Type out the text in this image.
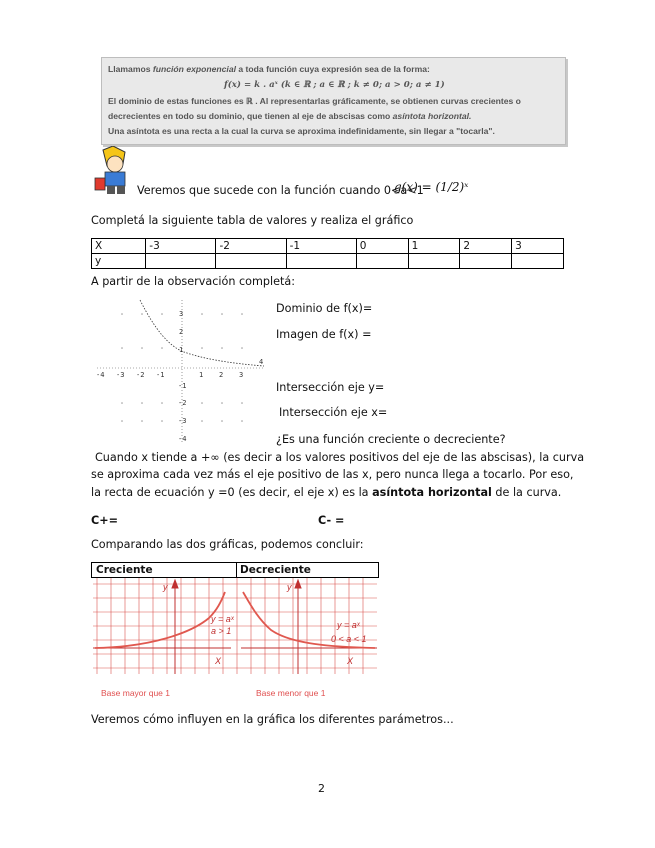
Llamamos función exponencial a toda función cuya expresión sea de la forma:

f(x) = k . aˣ (k ∈ ℝ ; a ∈ ℝ ; k ≠ 0; a > 0; a ≠ 1)

El dominio de estas funciones es ℝ . Al representarlas gráficamente, se obtienen curvas crecientes o

decrecientes en todo su dominio, que tienen al eje de abscisas como asíntota horizontal.

Una asíntota es una recta a la cual la curva se aproxima indefinidamente, sin llegar a "tocarla".

Veremos que sucede con la función cuando 0<a<1
g(x) = (1/2)ˣ
Completá la siguiente tabla de valores y realiza el gráfico
X	-3	-2	-1	0	1	2	3
y							
A partir de la observación completá:
-4 -3 -2 -1	1 2 3
4
3
2
1
-1
-2
-3
-4
Dominio de f(x)=
Imagen de f(x) =
Intersección eje y=
Intersección eje x=
¿Es una función creciente o decreciente?
Cuando x tiende a +∞ (es decir a los valores positivos del eje de las abscisas), la curva
se aproxima cada vez más el eje positivo de las x, pero nunca llega a tocarlo. Por eso,
la recta de ecuación y =0 (es decir, el eje x) es la asíntota horizontal de la curva.
C+=	C- =
Comparando las dos gráficas, podemos concluir:
Creciente	Decreciente
y
y = aˣ
a > 1
X
y
y = aˣ
0 < a < 1
X
Base mayor que 1	Base menor que 1
Veremos cómo influyen en la gráfica los diferentes parámetros...
2
